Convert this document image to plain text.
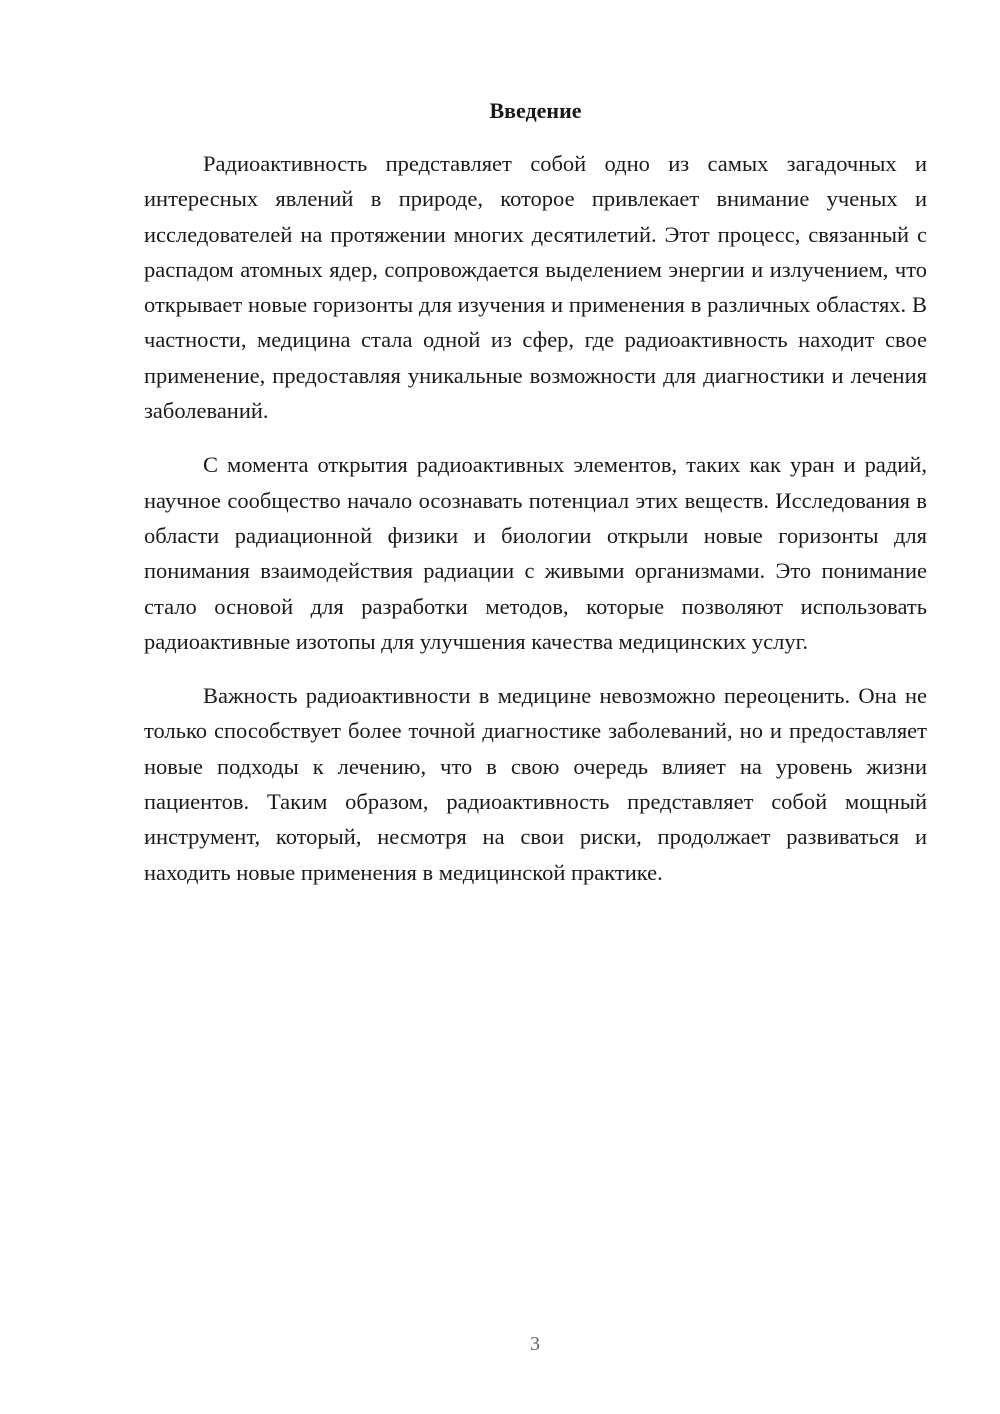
Введение

Радиоактивность представляет собой одно из самых загадочных и интересных явлений в природе, которое привлекает внимание ученых и исследователей на протяжении многих десятилетий. Этот процесс, связанный с распадом атомных ядер, сопровождается выделением энергии и излучением, что открывает новые горизонты для изучения и применения в различных областях. В частности, медицина стала одной из сфер, где радиоактивность находит свое применение, предоставляя уникальные возможности для диагностики и лечения заболеваний.

С момента открытия радиоактивных элементов, таких как уран и радий, научное сообщество начало осознавать потенциал этих веществ. Исследования в области радиационной физики и биологии открыли новые горизонты для понимания взаимодействия радиации с живыми организмами. Это понимание стало основой для разработки методов, которые позволяют использовать радиоактивные изотопы для улучшения качества медицинских услуг.

Важность радиоактивности в медицине невозможно переоценить. Она не только способствует более точной диагностике заболеваний, но и предоставляет новые подходы к лечению, что в свою очередь влияет на уровень жизни пациентов. Таким образом, радиоактивность представляет собой мощный инструмент, который, несмотря на свои риски, продолжает развиваться и находить новые применения в медицинской практике.

3
